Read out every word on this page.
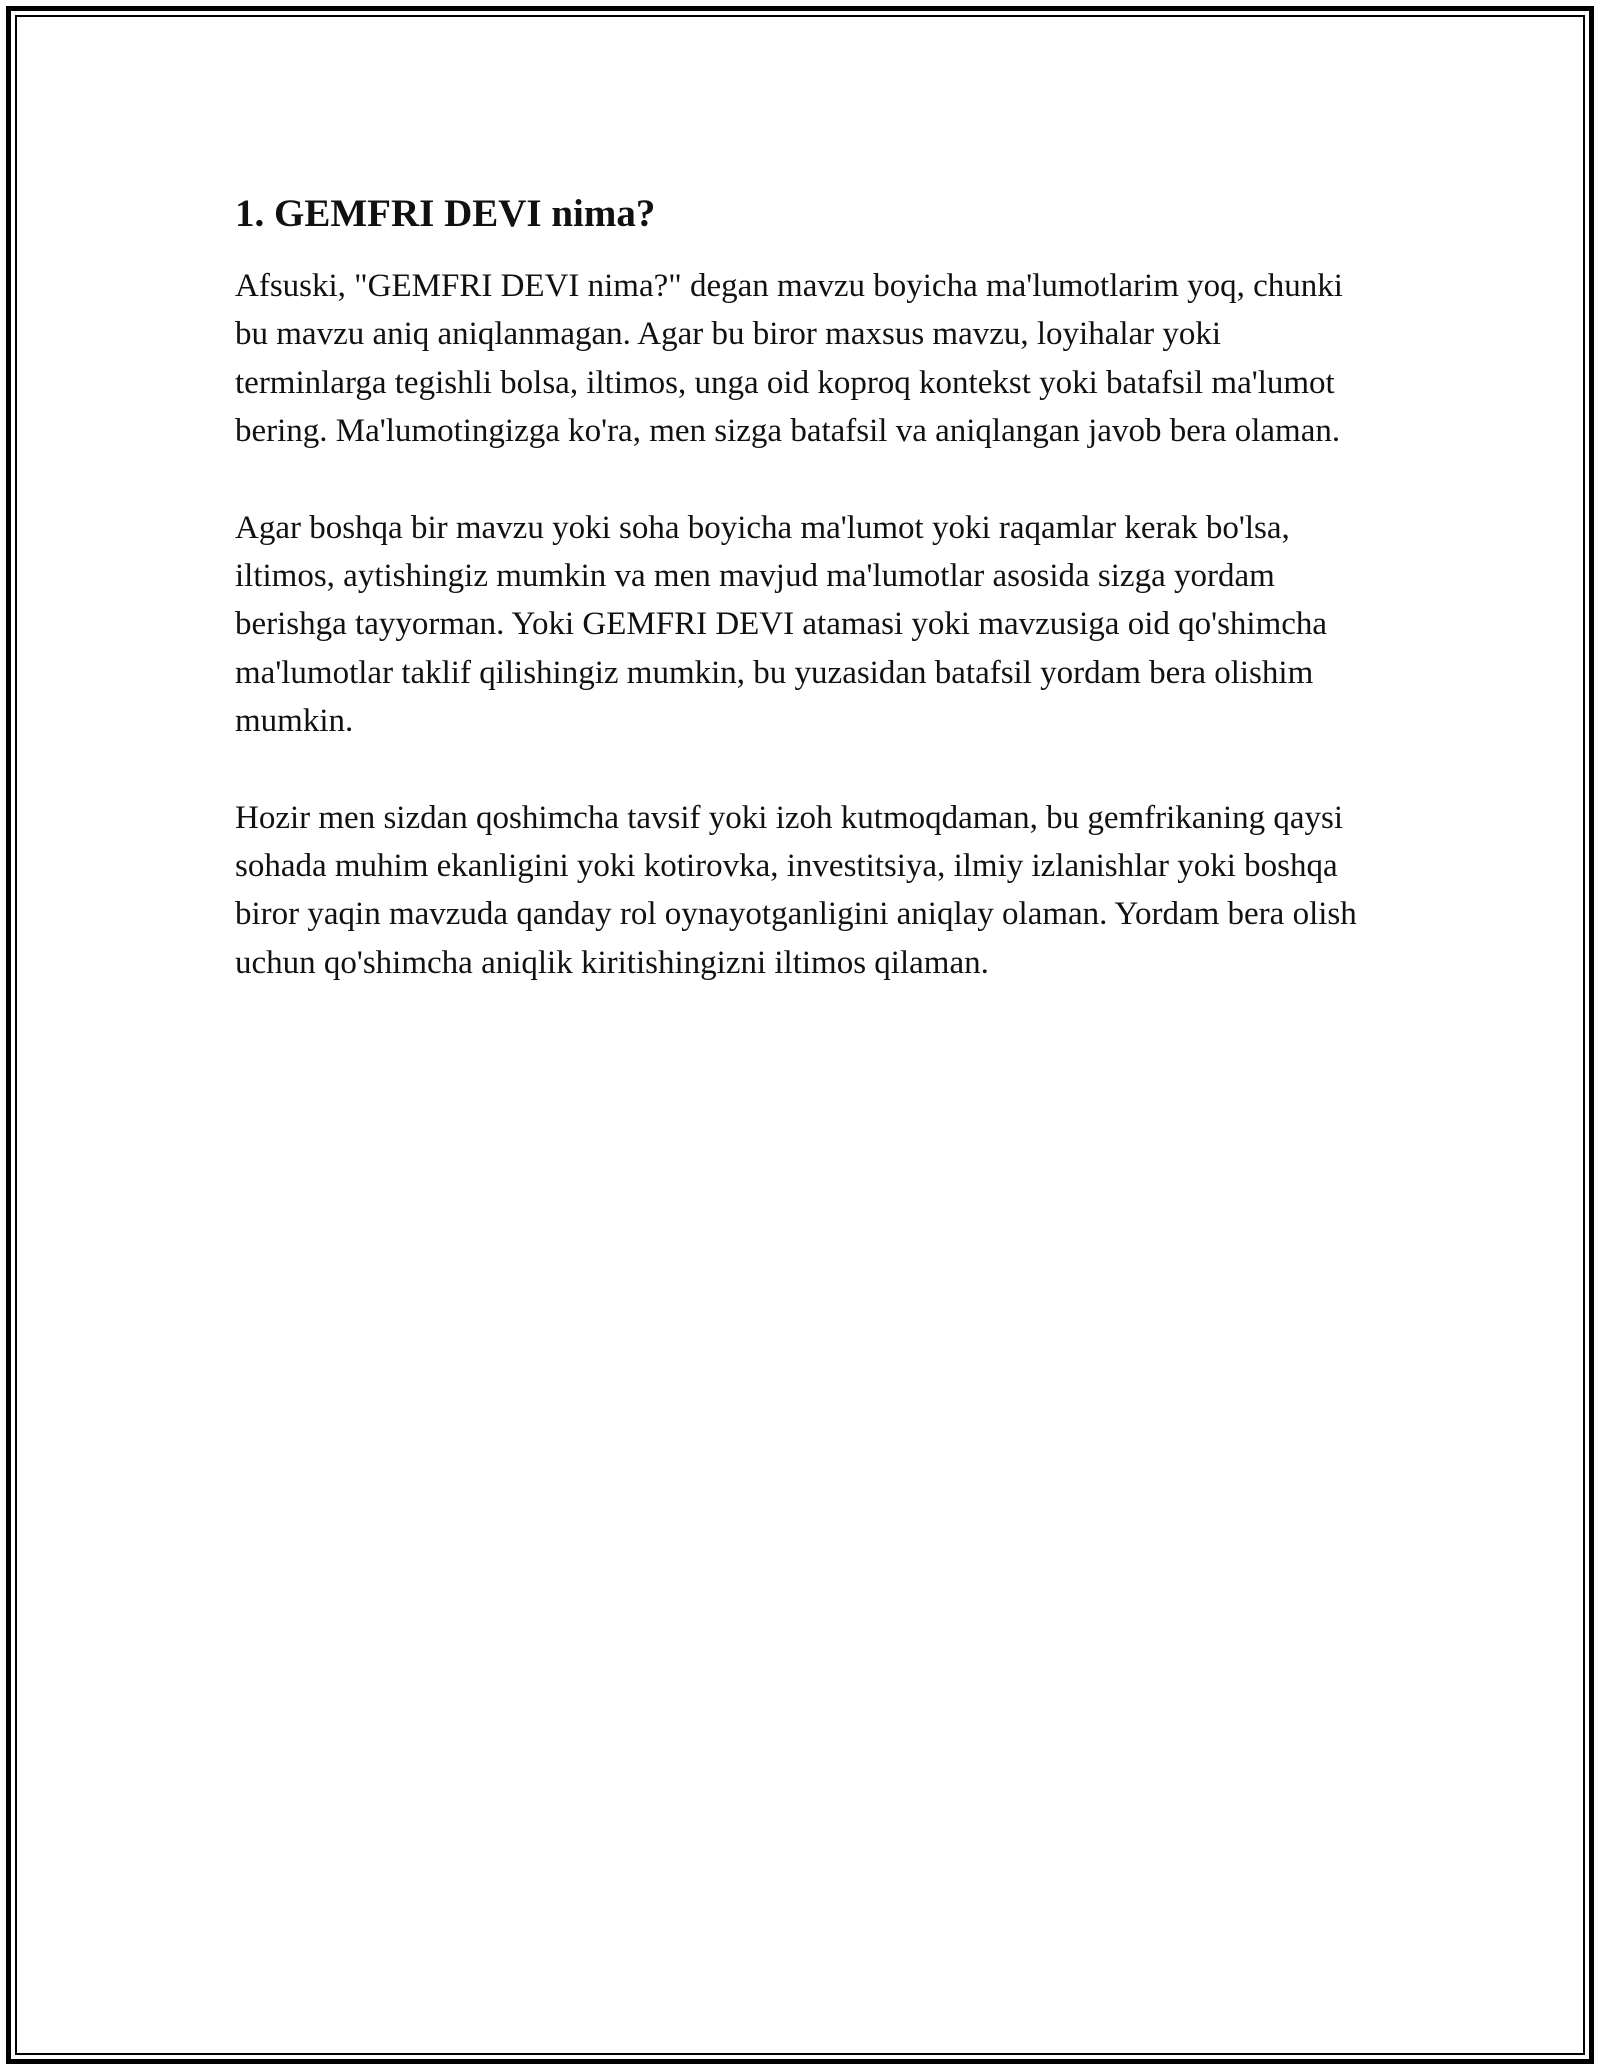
1. GEMFRI DEVI nima?

Afsuski, "GEMFRI DEVI nima?" degan mavzu boyicha ma'lumotlarim yoq, chunki bu mavzu aniq aniqlanmagan. Agar bu biror maxsus mavzu, loyihalar yoki terminlarga tegishli bolsa, iltimos, unga oid koproq kontekst yoki batafsil ma'lumot bering. Ma'lumotingizga ko'ra, men sizga batafsil va aniqlangan javob bera olaman.

Agar boshqa bir mavzu yoki soha boyicha ma'lumot yoki raqamlar kerak bo'lsa, iltimos, aytishingiz mumkin va men mavjud ma'lumotlar asosida sizga yordam berishga tayyorman. Yoki GEMFRI DEVI atamasi yoki mavzusiga oid qo'shimcha ma'lumotlar taklif qilishingiz mumkin, bu yuzasidan batafsil yordam bera olishim mumkin.

Hozir men sizdan qoshimcha tavsif yoki izoh kutmoqdaman, bu gemfrikaning qaysi sohada muhim ekanligini yoki kotirovka, investitsiya, ilmiy izlanishlar yoki boshqa biror yaqin mavzuda qanday rol oynayotganligini aniqlay olaman. Yordam bera olish uchun qo'shimcha aniqlik kiritishingizni iltimos qilaman.
